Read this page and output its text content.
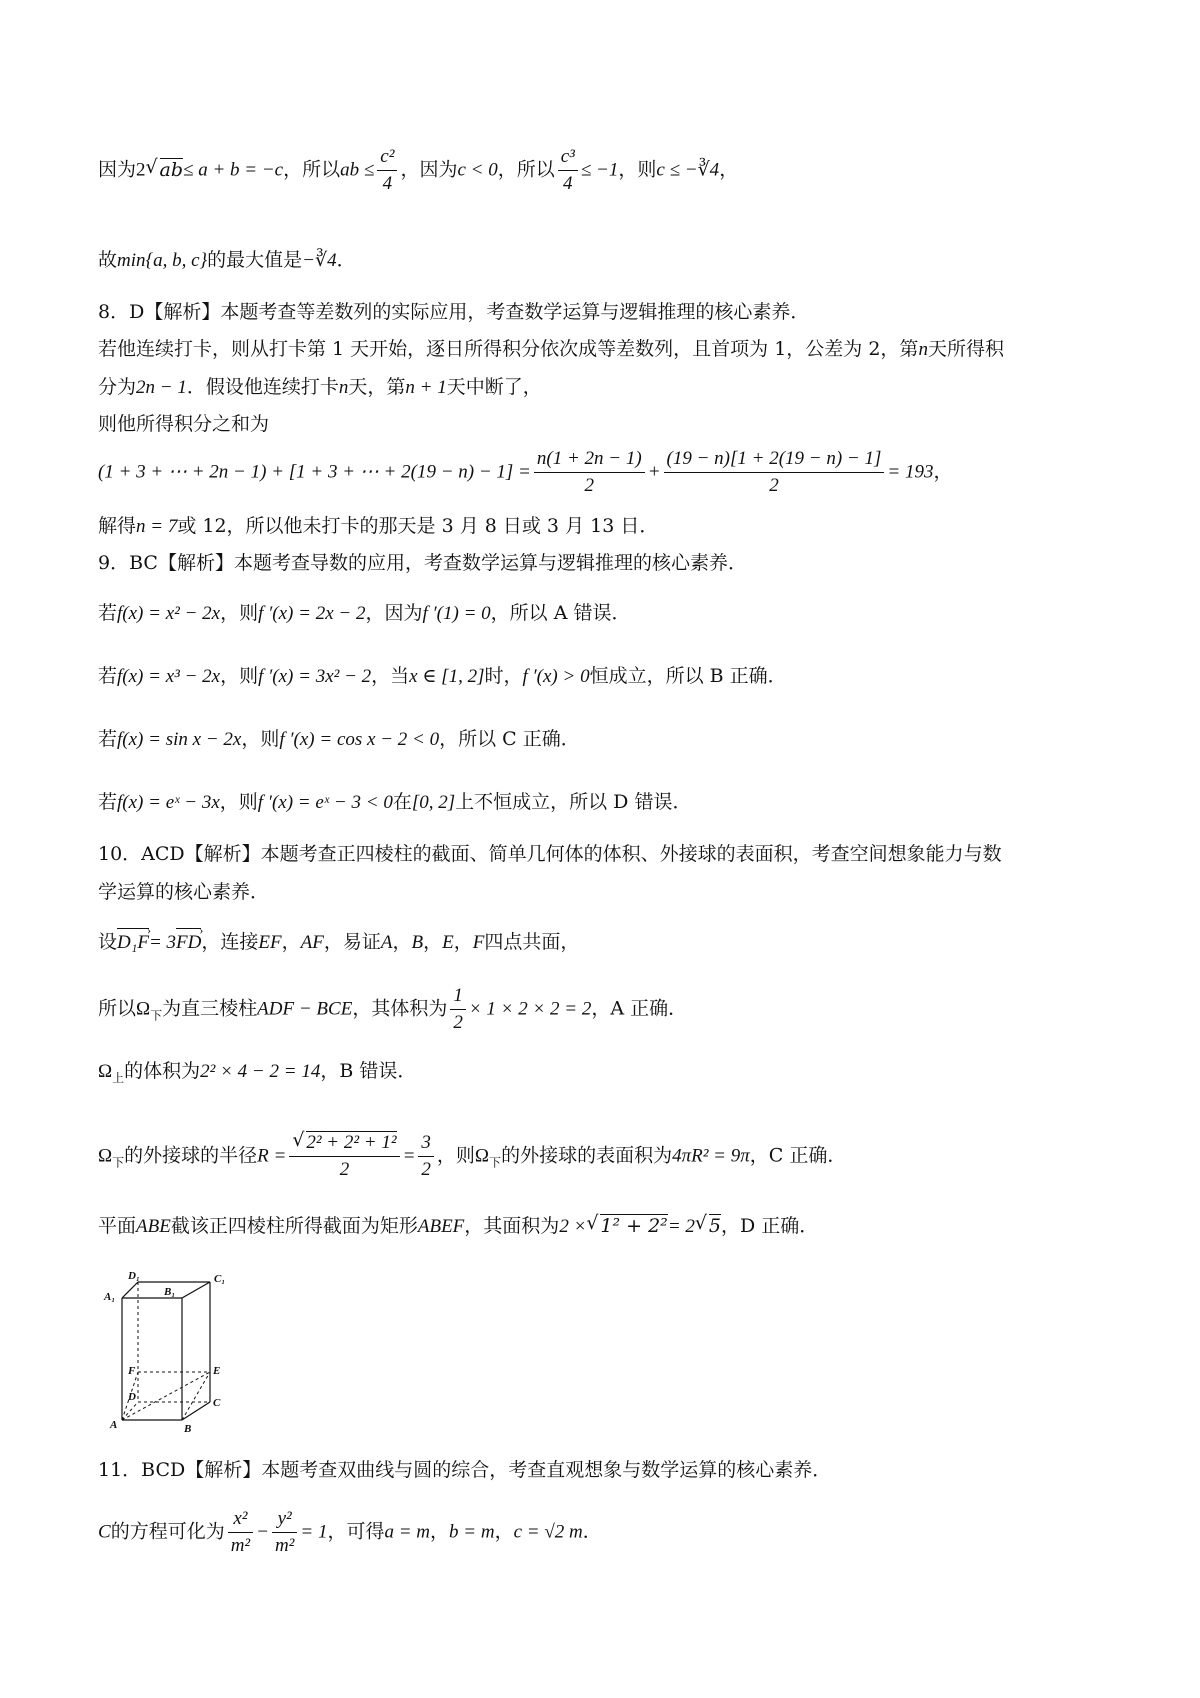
因为2 √ ab≤ a + b = −c，所以ab ≤ $\frac{\text{c²}}{4}$ ，因为c < 0，所以 $\frac{\text{c³}}{4} \le -1$，则c ≤ −∛4，
故min{a, b, c}的最大值是−∛4．
8．D【解析】本题考查等差数列的实际应用，考查数学运算与逻辑推理的核心素养．
若他连续打卡，则从打卡第 1 天开始，逐日所得积分依次成等差数列，且首项为 1，公差为 2，第n天所得积
分为2n − 1．假设他连续打卡n天，第n + 1天中断了，
则他所得积分之和为
(1 + 3 + ⋯ + 2n − 1) + [1 + 3 + ⋯ + $2(19 - n) - 1] = \frac{n(1 + 2n - 1)}{2} + \frac{(19 - n)[1 + 2(19 - n) - 1]}{2} = 193$，
解得n = 7或 12，所以他未打卡的那天是 3 月 8 日或 3 月 13 日．
9．BC【解析】本题考查导数的应用，考查数学运算与逻辑推理的核心素养．
若f(x) = x² − 2x，则f ′(x) = 2x − 2，因为f ′(1) = 0，所以 A 错误．
若f(x) = x³ − 2x，则f ′(x) = 3x² − 2，当x ∈ [1, 2]时，f ′(x) > 0恒成立，所以 B 正确．
若f(x) = sin x − 2x，则f ′(x) = cos x − 2 < 0，所以 C 正确．
若f(x) = eˣ − 3x，则f ′(x) = eˣ − 3 < 0在[0, 2]上不恒成立，所以 D 错误．
10．ACD【解析】本题考查正四棱柱的截面、简单几何体的体积、外接球的表面积，考查空间想象能力与数
学运算的核心素养．
设D₁F ›= 3FD ›，连接EF，AF，易证A，B，E，F四点共面，
所以$\Omega_下$为直三棱柱ADF − BCE，其体积为 $\frac{1}{2} \times 1 \times 2 \times 2 = 2$，A 正确．
$\Omega_上$的体积为2² × 4 − 2 = 14，B 错误．
$\Omega_下$的外接球的半径R = √ $\frac{\text{2² + 2² + 1²}}{2} = \frac{3}{2}$ ，则$\Omega_下$的外接球的表面积为4πR² = 9π，C 正确．
平面ABE截该正四棱柱所得截面为矩形ABEF，其面积为2 × √ 1² + 2²= 2 √ 5，D 正确．
D₁	C₁
A₁	B₁
F	E
D	C
A	B
11．BCD【解析】本题考查双曲线与圆的综合，考查直观想象与数学运算的核心素养．
C的方程可化为 $\frac{\text{x²}}{\text{m²}} - \frac{\text{y²}}{\text{m²}} = 1$，可得a = m，b = m，c = √2 m．
